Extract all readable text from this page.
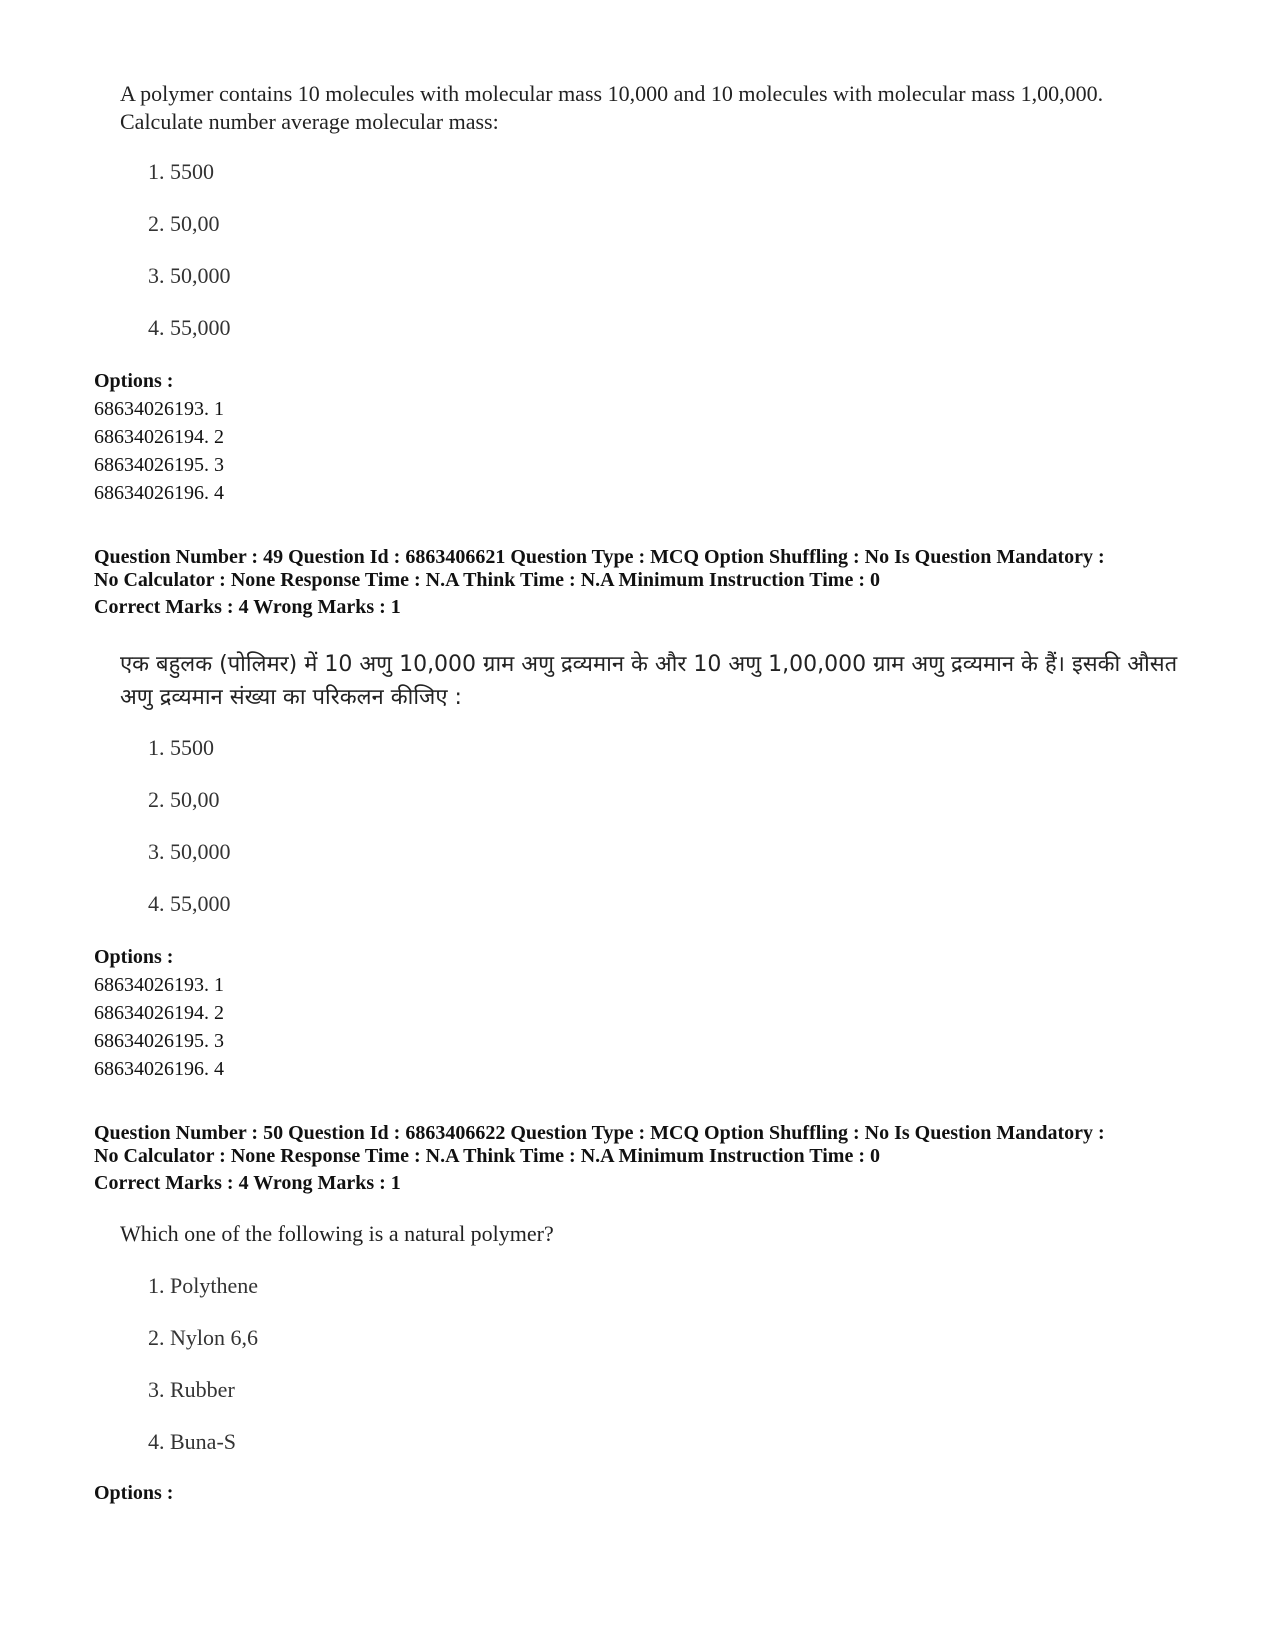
A polymer contains 10 molecules with molecular mass 10,000 and 10 molecules with molecular mass 1,00,000. Calculate number average molecular mass:
1. 5500
2. 50,00
3. 50,000
4. 55,000
Options :
68634026193. 1
68634026194. 2
68634026195. 3
68634026196. 4
Question Number : 49 Question Id : 6863406621 Question Type : MCQ Option Shuffling : No Is Question Mandatory :
No Calculator : None Response Time : N.A Think Time : N.A Minimum Instruction Time : 0
Correct Marks : 4 Wrong Marks : 1
एक बहुलक (पोलिमर) में 10 अणु 10,000 ग्राम अणु द्रव्यमान के और 10 अणु 1,00,000 ग्राम अणु द्रव्यमान के हैं। इसकी औसत अणु द्रव्यमान संख्या का परिकलन कीजिए :
1. 5500
2. 50,00
3. 50,000
4. 55,000
Options :
68634026193. 1
68634026194. 2
68634026195. 3
68634026196. 4
Question Number : 50 Question Id : 6863406622 Question Type : MCQ Option Shuffling : No Is Question Mandatory :
No Calculator : None Response Time : N.A Think Time : N.A Minimum Instruction Time : 0
Correct Marks : 4 Wrong Marks : 1
Which one of the following is a natural polymer?
1. Polythene
2. Nylon 6,6
3. Rubber
4. Buna-S
Options :
